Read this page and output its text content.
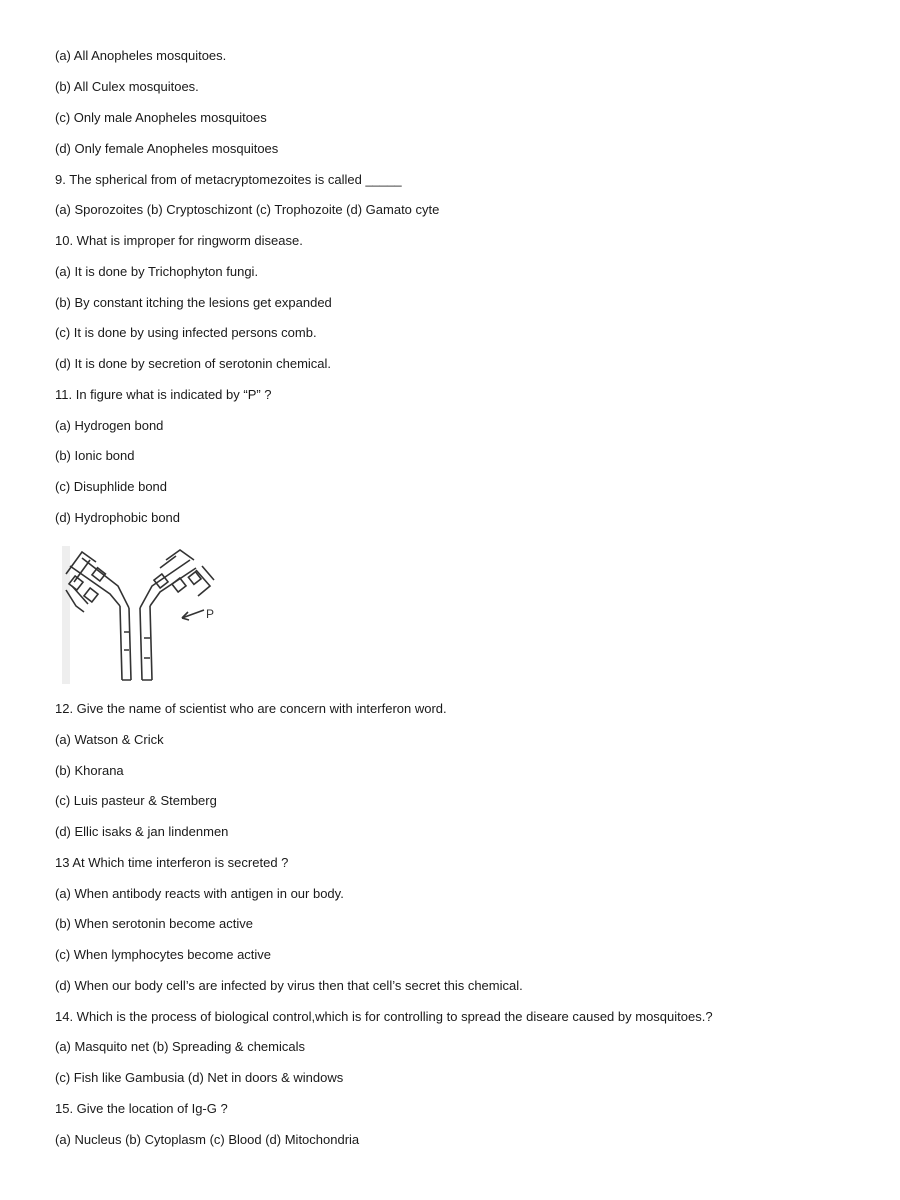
(a) All Anopheles mosquitoes.
(b) All Culex mosquitoes.
(c) Only male Anopheles mosquitoes
(d) Only female Anopheles mosquitoes
9. The spherical from of metacryptomezoites is called _____
(a) Sporozoites (b) Cryptoschizont (c) Trophozoite (d) Gamato cyte
10. What is improper for ringworm disease.
(a) It is done by Trichophyton fungi.
(b) By constant itching the lesions get expanded
(c) It is done by using infected persons comb.
(d) It is done by secretion of serotonin chemical.
11. In figure what is indicated by “P” ?
(a) Hydrogen bond
(b) Ionic bond
(c) Disuphlide bond
(d) Hydrophobic bond
P
12. Give the name of scientist who are concern with interferon word.
(a) Watson & Crick
(b) Khorana
(c) Luis pasteur & Stemberg
(d) Ellic isaks & jan lindenmen
13 At Which time interferon is secreted ?
(a) When antibody reacts with antigen in our body.
(b) When serotonin become active
(c) When lymphocytes become active
(d) When our body cell’s are infected by virus then that cell’s secret this chemical.
14. Which is the process of biological control,which is for controlling to spread the diseare caused by mosquitoes.?
(a) Masquito net (b) Spreading & chemicals
(c) Fish like Gambusia (d) Net in doors & windows
15. Give the location of Ig-G ?
(a) Nucleus (b) Cytoplasm (c) Blood (d) Mitochondria
